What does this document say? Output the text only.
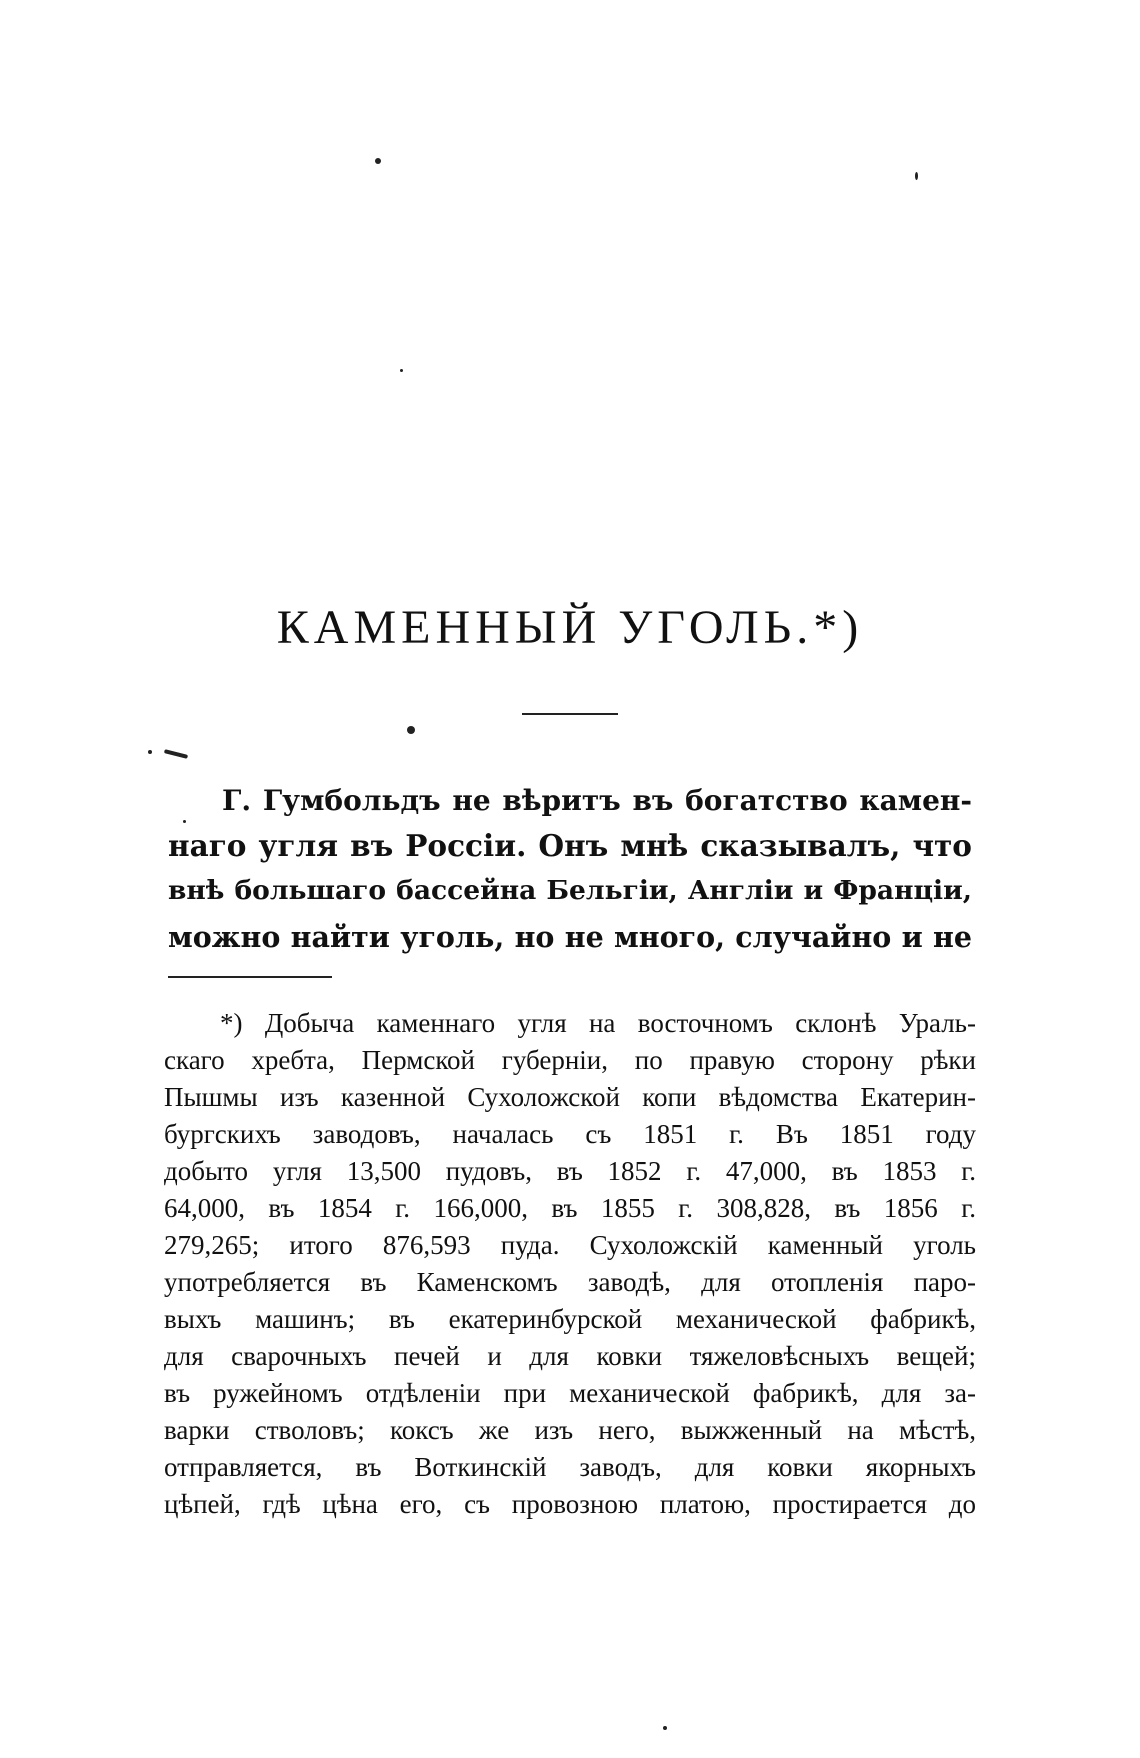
КАМЕННЫЙ УГОЛЬ.*)
Г. Гумбольдъ не вѣритъ въ богатство камен-
наго угля въ Россіи. Онъ мнѣ сказывалъ, что
внѣ большаго бассейна Бельгіи, Англіи и Франціи,
можно найти уголь, но не много, случайно и не
*) Добыча каменнаго угля на восточномъ склонѣ Ураль-
скаго хребта, Пермской губерніи, по правую сторону рѣки
Пышмы изъ казенной Сухоложской копи вѣдомства Екатерин-
бургскихъ заводовъ, началась съ 1851 г. Въ 1851 году
добыто угля 13,500 пудовъ, въ 1852 г. 47,000, въ 1853 г.
64,000, въ 1854 г. 166,000, въ 1855 г. 308,828, въ 1856 г.
279,265; итого 876,593 пуда. Сухоложскій каменный уголь
употребляется въ Каменскомъ заводѣ, для отопленія паро-
выхъ машинъ; въ екатеринбурской механической фабрикѣ,
для сварочныхъ печей и для ковки тяжеловѣсныхъ вещей;
въ ружейномъ отдѣленіи при механической фабрикѣ, для за-
варки стволовъ; коксъ же изъ него, выжженный на мѣстѣ,
отправляется, въ Воткинскій заводъ, для ковки якорныхъ
цѣпей, гдѣ цѣна его, съ провозною платою, простирается до
